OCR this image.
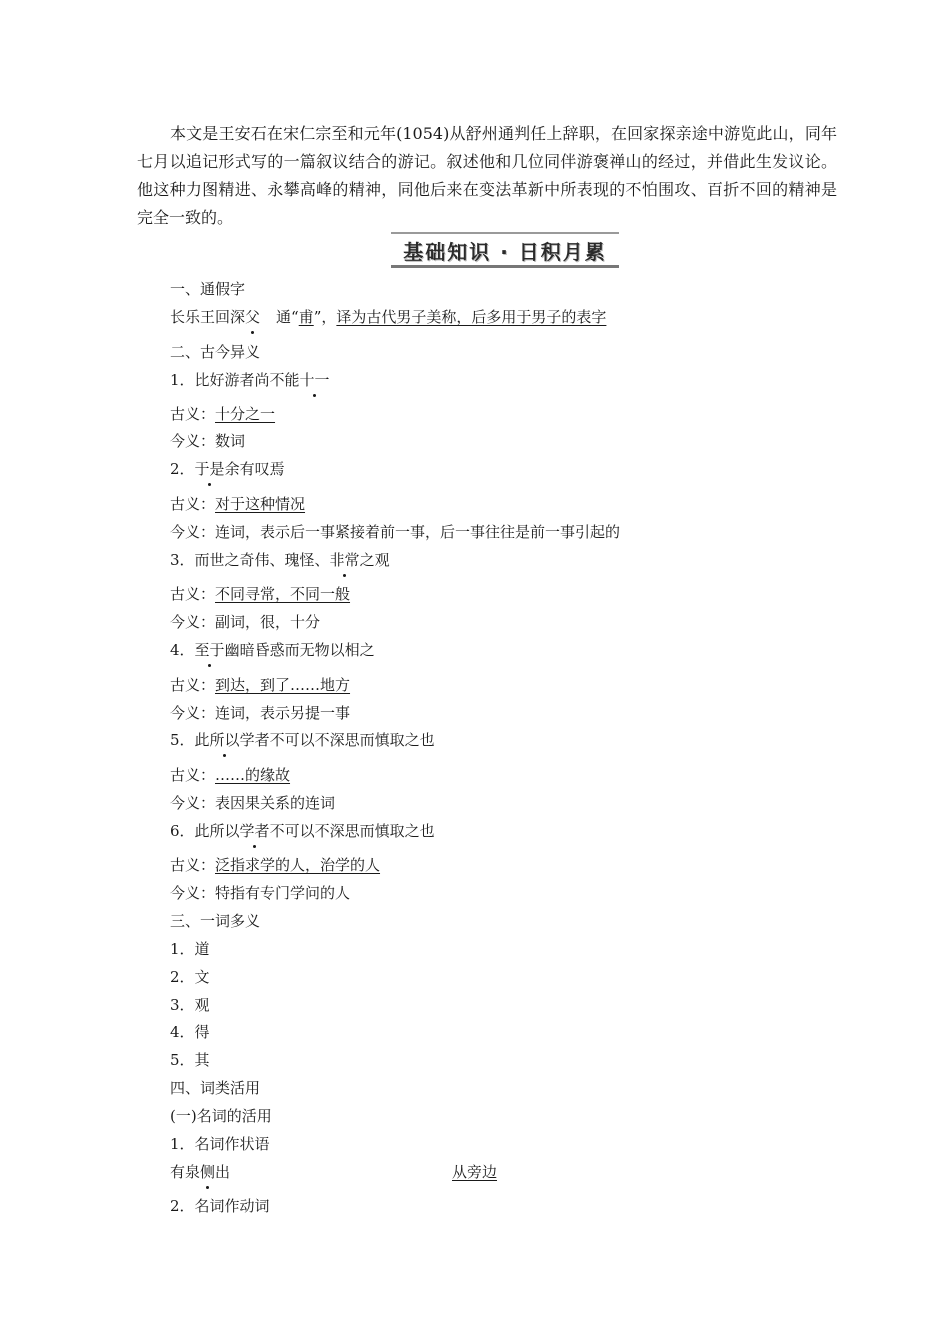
本文是王安石在宋仁宗至和元年(1054)从舒州通判任上辞职，在回家探亲途中游览此山，同年七月以追记形式写的一篇叙议结合的游记。叙述他和几位同伴游褒禅山的经过，并借此生发议论。他这种力图精进、永攀高峰的精神，同他后来在变法革新中所表现的不怕围攻、百折不回的精神是完全一致的。

基础知识 · 日积月累
一、通假字
长乐王回深父 通“甫”，译为古代男子美称，后多用于男子的表字
二、古今异义
1．比好游者尚不能十一
古义：十分之一
今义：数词
2．于是余有叹焉
古义：对于这种情况
今义：连词，表示后一事紧接着前一事，后一事往往是前一事引起的
3．而世之奇伟、瑰怪、非常之观
古义：不同寻常，不同一般
今义：副词，很，十分
4．至于幽暗昏惑而无物以相之
古义：到达，到了……地方
今义：连词，表示另提一事
5．此所以学者不可以不深思而慎取之也
古义：……的缘故
今义：表因果关系的连词
6．此所以学者不可以不深思而慎取之也
古义：泛指求学的人，治学的人
今义：特指有专门学问的人
三、一词多义
1．道
2．文
3．观
4．得
5．其
四、词类活用
(一)名词的活用
1．名词作状语
有泉侧出	从旁边
2．名词作动词
